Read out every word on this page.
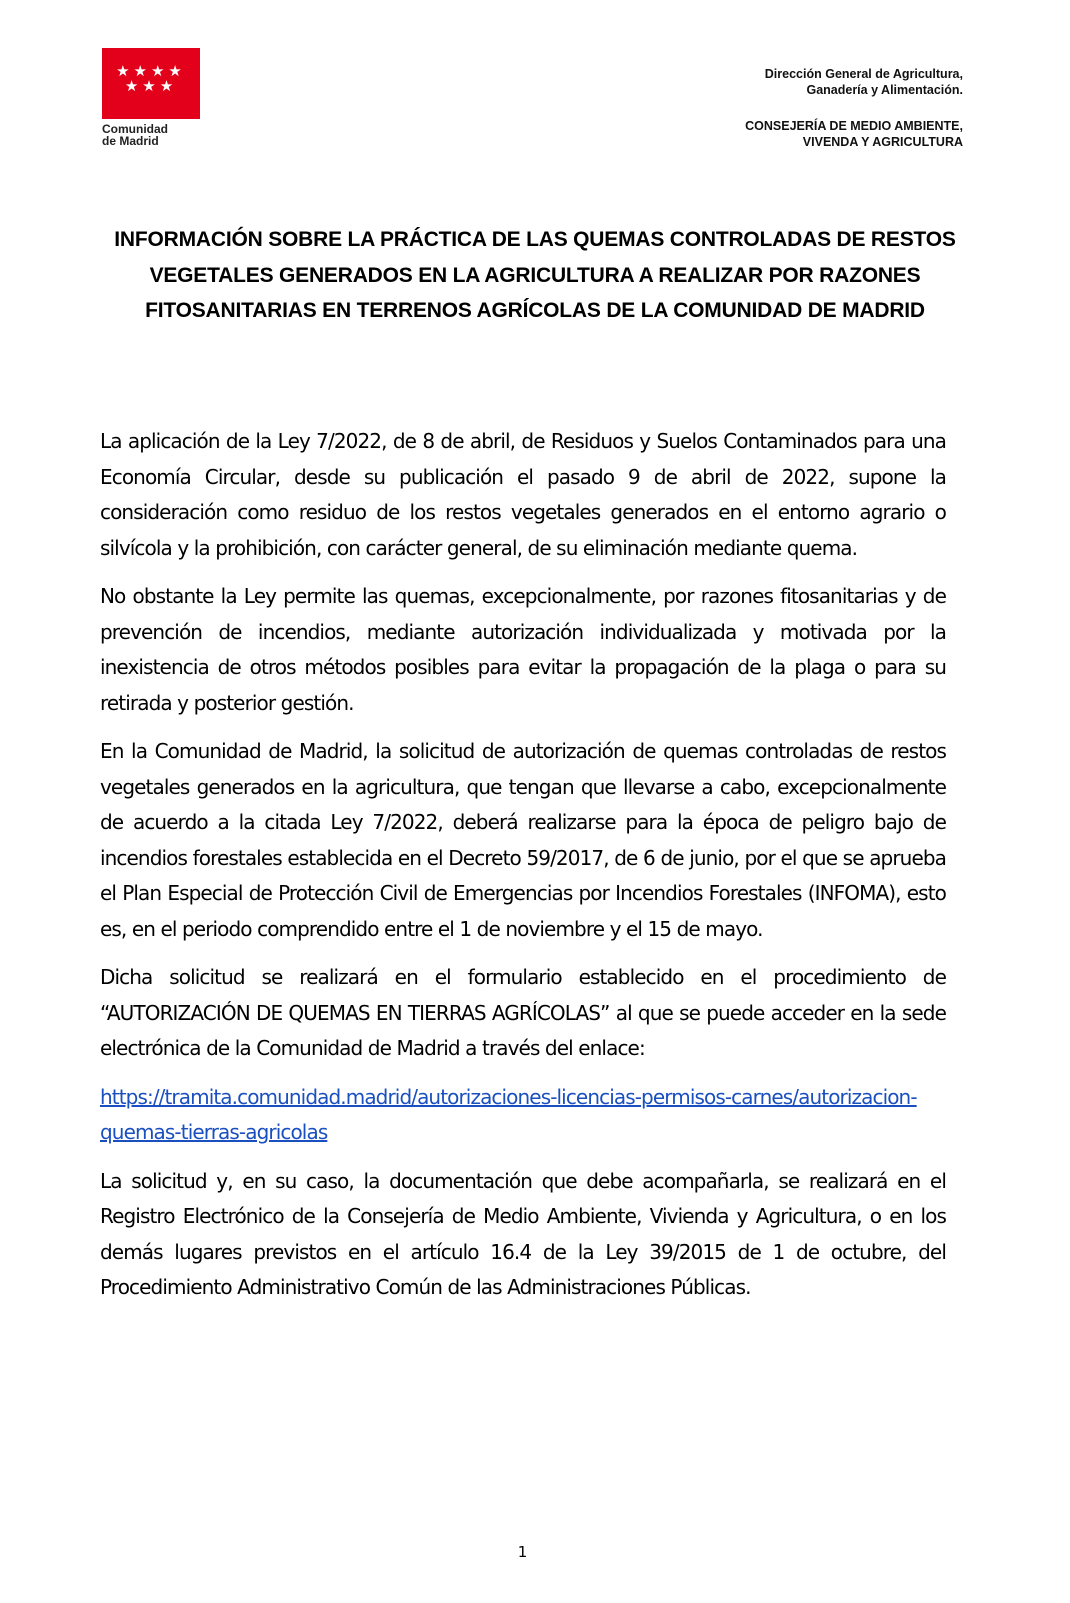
★★★★
★★★
Comunidad
de Madrid
Dirección General de Agricultura,
Ganadería y Alimentación.
CONSEJERÍA DE MEDIO AMBIENTE,
VIVENDA Y AGRICULTURA
INFORMACIÓN SOBRE LA PRÁCTICA DE LAS QUEMAS CONTROLADAS DE RESTOS VEGETALES GENERADOS EN LA AGRICULTURA A REALIZAR POR RAZONES FITOSANITARIAS EN TERRENOS AGRÍCOLAS DE LA COMUNIDAD DE MADRID

La aplicación de la Ley 7/2022, de 8 de abril, de Residuos y Suelos Contaminados para una Economía Circular, desde su publicación el pasado 9 de abril de 2022, supone la consideración como residuo de los restos vegetales generados en el entorno agrario o silvícola y la prohibición, con carácter general, de su eliminación mediante quema.

No obstante la Ley permite las quemas, excepcionalmente, por razones fitosanitarias y de prevención de incendios, mediante autorización individualizada y motivada por la inexistencia de otros métodos posibles para evitar la propagación de la plaga o para su retirada y posterior gestión.

En la Comunidad de Madrid, la solicitud de autorización de quemas controladas de restos vegetales generados en la agricultura, que tengan que llevarse a cabo, excepcionalmente de acuerdo a la citada Ley 7/2022, deberá realizarse para la época de peligro bajo de incendios forestales establecida en el Decreto 59/2017, de 6 de junio, por el que se aprueba el Plan Especial de Protección Civil de Emergencias por Incendios Forestales (INFOMA), esto es, en el periodo comprendido entre el 1 de noviembre y el 15 de mayo.

Dicha solicitud se realizará en el formulario establecido en el procedimiento de “AUTORIZACIÓN DE QUEMAS EN TIERRAS AGRÍCOLAS” al que se puede acceder en la sede electrónica de la Comunidad de Madrid a través del enlace:

https://tramita.comunidad.madrid/autorizaciones-licencias-permisos-carnes/autorizacion-quemas-tierras-agricolas

La solicitud y, en su caso, la documentación que debe acompañarla, se realizará en el Registro Electrónico de la Consejería de Medio Ambiente, Vivienda y Agricultura, o en los demás lugares previstos en el artículo 16.4 de la Ley 39/2015 de 1 de octubre, del Procedimiento Administrativo Común de las Administraciones Públicas.

1
